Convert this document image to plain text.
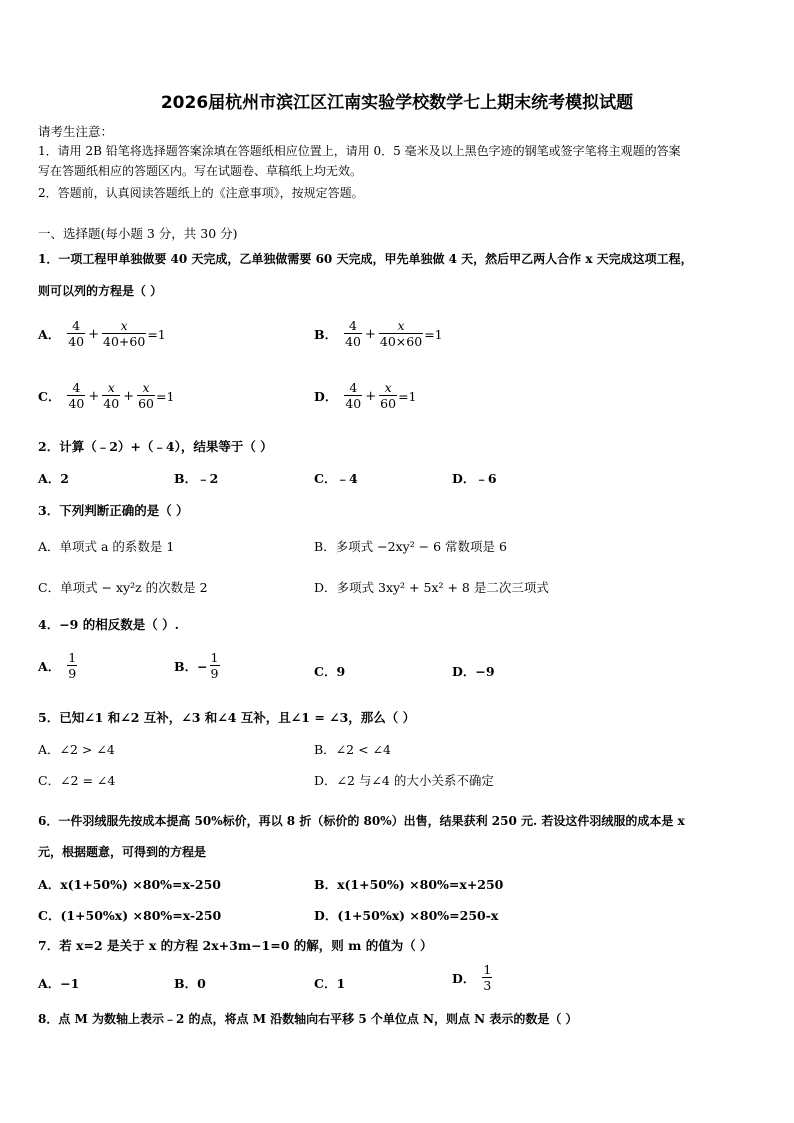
2026届杭州市滨江区江南实验学校数学七上期末统考模拟试题
请考生注意：
1．请用 2B 铅笔将选择题答案涂填在答题纸相应位置上，请用 0．5 毫米及以上黑色字迹的钢笔或签字笔将主观题的答案
写在答题纸相应的答题区内。写在试题卷、草稿纸上均无效。
2．答题前，认真阅读答题纸上的《注意事项》，按规定答题。
一、选择题(每小题 3 分，共 30 分)
1．一项工程甲单独做要 40 天完成，乙单独做需要 60 天完成，甲先单独做 4 天，然后甲乙两人合作 x 天完成这项工程，
则可以列的方程是（ ）
A． $\frac{4}{40} + \frac{x}{40+60} =1$	B． $\frac{4}{40} + \frac{x}{40\times 60} =1$
C． $\frac{4}{40} + \frac{x}{40} + \frac{x}{60} =1$	D． $\frac{4}{40} + \frac{x}{60} =1$
2．计算（﹣2）+（﹣4），结果等于（ ）
A．2	B．﹣2	C．﹣4	D．﹣6
3．下列判断正确的是（ ）
A．单项式 a 的系数是 1	B．多项式 −2xy² − 6 常数项是 6
C．单项式 − xy²z 的次数是 2	D．多项式 3xy² + 5x² + 8 是二次三项式
4．−9 的相反数是（ ）.
A． $\frac{1}{9}$	B．− $\frac{1}{9}$	C．9	D．−9
5．已知∠1 和∠2 互补，∠3 和∠4 互补，且∠1 = ∠3，那么（ ）
A．∠2 > ∠4	B．∠2 < ∠4
C．∠2 = ∠4	D．∠2 与∠4 的大小关系不确定
6．一件羽绒服先按成本提高 50%标价，再以 8 折（标价的 80%）出售，结果获利 250 元. 若设这件羽绒服的成本是 x
元，根据题意，可得到的方程是
A．x(1+50%) ×80%=x-250	B．x(1+50%) ×80%=x+250
C．(1+50%x) ×80%=x-250	D．(1+50%x) ×80%=250-x
7．若 x=2 是关于 x 的方程 2x+3m−1=0 的解，则 m 的值为（ ）
A．−1	B．0	C．1	D． $\frac{1}{3}$
8．点 M 为数轴上表示﹣2 的点，将点 M 沿数轴向右平移 5 个单位点 N，则点 N 表示的数是（ ）
